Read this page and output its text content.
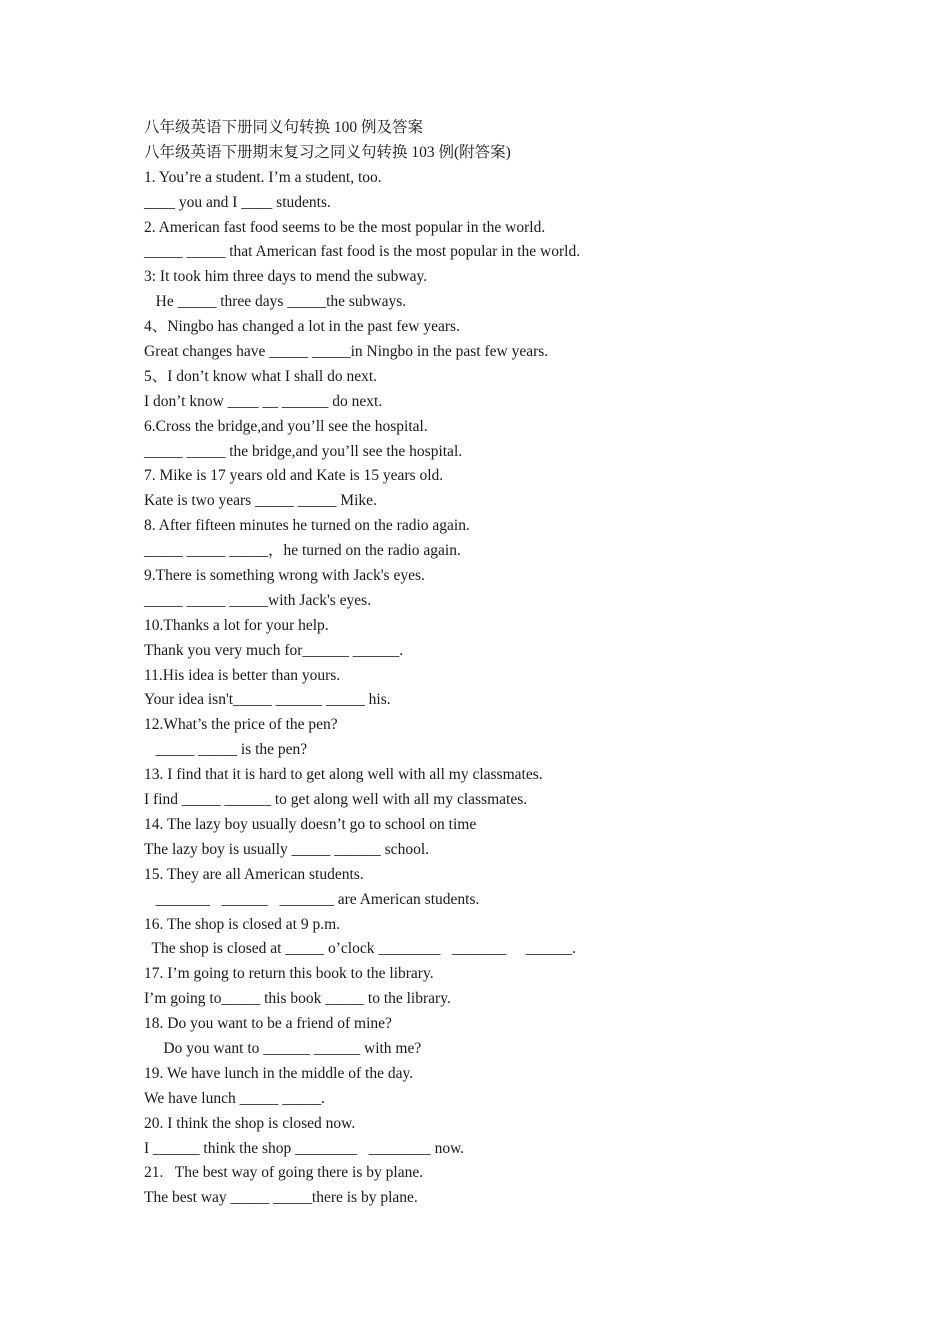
八年级英语下册同义句转换 100 例及答案
八年级英语下册期末复习之同义句转换 103 例(附答案)
1. You’re a student. I’m a student, too.
____ you and I ____ students.
2. American fast food seems to be the most popular in the world.
_____ _____ that American fast food is the most popular in the world.
3: It took him three days to mend the subway.
He _____ three days _____the subways.
4、Ningbo has changed a lot in the past few years.
Great changes have _____ _____in Ningbo in the past few years.
5、I don’t know what I shall do next.
I don’t know ____ __ ______ do next.
6.Cross the bridge,and you’ll see the hospital.
_____ _____ the bridge,and you’ll see the hospital.
7. Mike is 17 years old and Kate is 15 years old.
Kate is two years _____ _____ Mike.
8. After fifteen minutes he turned on the radio again.
_____ _____ _____，he turned on the radio again.
9.There is something wrong with Jack's eyes.
_____ _____ _____with Jack's eyes.
10.Thanks a lot for your help.
Thank you very much for______ ______.
11.His idea is better than yours.
Your idea isn't_____ ______ _____ his.
12.What’s the price of the pen?
_____ _____ is the pen?
13. I find that it is hard to get along well with all my classmates.
I find _____ ______ to get along well with all my classmates.
14. The lazy boy usually doesn’t go to school on time
The lazy boy is usually _____ ______ school.
15. They are all American students.
_______   ______   _______ are American students.
16. The shop is closed at 9 p.m.
The shop is closed at _____ o’clock ________   _______     ______.
17. I’m going to return this book to the library.
I’m going to_____ this book _____ to the library.
18. Do you want to be a friend of mine?
Do you want to ______ ______ with me?
19. We have lunch in the middle of the day.
We have lunch _____ _____.
20. I think the shop is closed now.
I ______ think the shop ________   ________ now.
21.   The best way of going there is by plane.
The best way _____ _____there is by plane.
